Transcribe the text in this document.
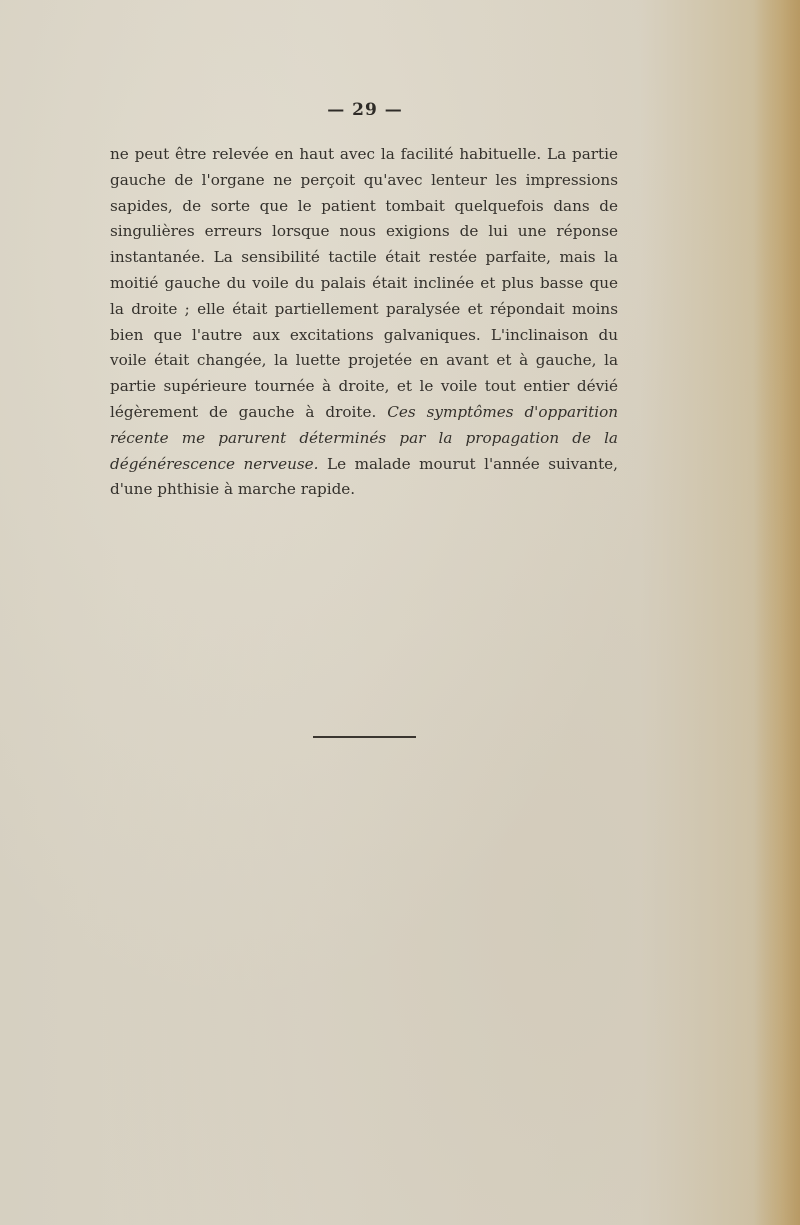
— 29 —

ne peut être relevée en haut avec la facilité habituelle. La partie gauche de l'organe ne perçoit qu'avec lenteur les impressions sapides, de sorte que le patient tombait quelquefois dans de singulières erreurs lorsque nous exigions de lui une réponse instantanée. La sensibilité tactile était restée parfaite, mais la moitié gauche du voile du palais était inclinée et plus basse que la droite ; elle était partiellement paralysée et répondait moins bien que l'autre aux excitations galvaniques. L'inclinaison du voile était changée, la luette projetée en avant et à gauche, la partie supérieure tournée à droite, et le voile tout entier dévié légèrement de gauche à droite. Ces symptômes d'opparition récente me parurent déterminés par la propagation de la dégénérescence nerveuse. Le malade mourut l'année suivante, d'une phthisie à marche rapide.
